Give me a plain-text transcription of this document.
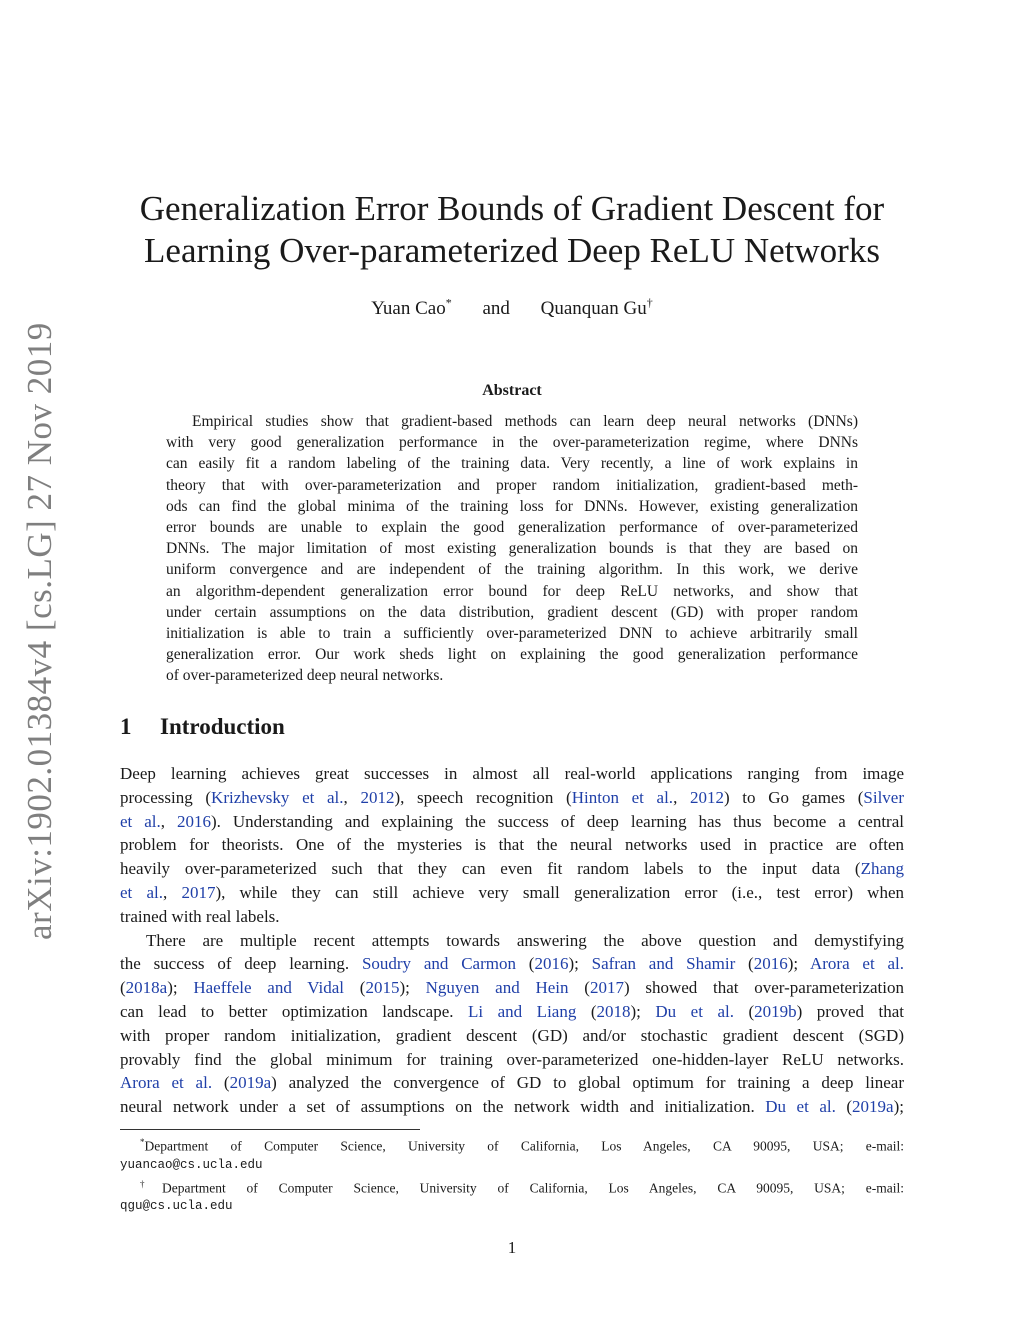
arXiv:1902.01384v4 [cs.LG] 27 Nov 2019
Generalization Error Bounds of Gradient Descent for
Learning Over-parameterized Deep ReLU Networks
Yuan Cao* and Quanquan Gu†
Abstract
Empirical studies show that gradient-based methods can learn deep neural networks (DNNs)
with very good generalization performance in the over-parameterization regime, where DNNs
can easily fit a random labeling of the training data. Very recently, a line of work explains in
theory that with over-parameterization and proper random initialization, gradient-based meth-
ods can find the global minima of the training loss for DNNs. However, existing generalization
error bounds are unable to explain the good generalization performance of over-parameterized
DNNs. The major limitation of most existing generalization bounds is that they are based on
uniform convergence and are independent of the training algorithm. In this work, we derive
an algorithm-dependent generalization error bound for deep ReLU networks, and show that
under certain assumptions on the data distribution, gradient descent (GD) with proper random
initialization is able to train a sufficiently over-parameterized DNN to achieve arbitrarily small
generalization error. Our work sheds light on explaining the good generalization performance
of over-parameterized deep neural networks.
1 Introduction
Deep learning achieves great successes in almost all real-world applications ranging from image
processing (Krizhevsky et al., 2012), speech recognition (Hinton et al., 2012) to Go games (Silver
et al., 2016). Understanding and explaining the success of deep learning has thus become a central
problem for theorists. One of the mysteries is that the neural networks used in practice are often
heavily over-parameterized such that they can even fit random labels to the input data (Zhang
et al., 2017), while they can still achieve very small generalization error (i.e., test error) when
trained with real labels.
There are multiple recent attempts towards answering the above question and demystifying
the success of deep learning. Soudry and Carmon (2016); Safran and Shamir (2016); Arora et al.
(2018a); Haeffele and Vidal (2015); Nguyen and Hein (2017) showed that over-parameterization
can lead to better optimization landscape. Li and Liang (2018); Du et al. (2019b) proved that
with proper random initialization, gradient descent (GD) and/or stochastic gradient descent (SGD)
provably find the global minimum for training over-parameterized one-hidden-layer ReLU networks.
Arora et al. (2019a) analyzed the convergence of GD to global optimum for training a deep linear
neural network under a set of assumptions on the network width and initialization. Du et al. (2019a);
*Department of Computer Science, University of California, Los Angeles, CA 90095, USA; e-mail:
yuancao@cs.ucla.edu
†Department of Computer Science, University of California, Los Angeles, CA 90095, USA; e-mail:
qgu@cs.ucla.edu
1
